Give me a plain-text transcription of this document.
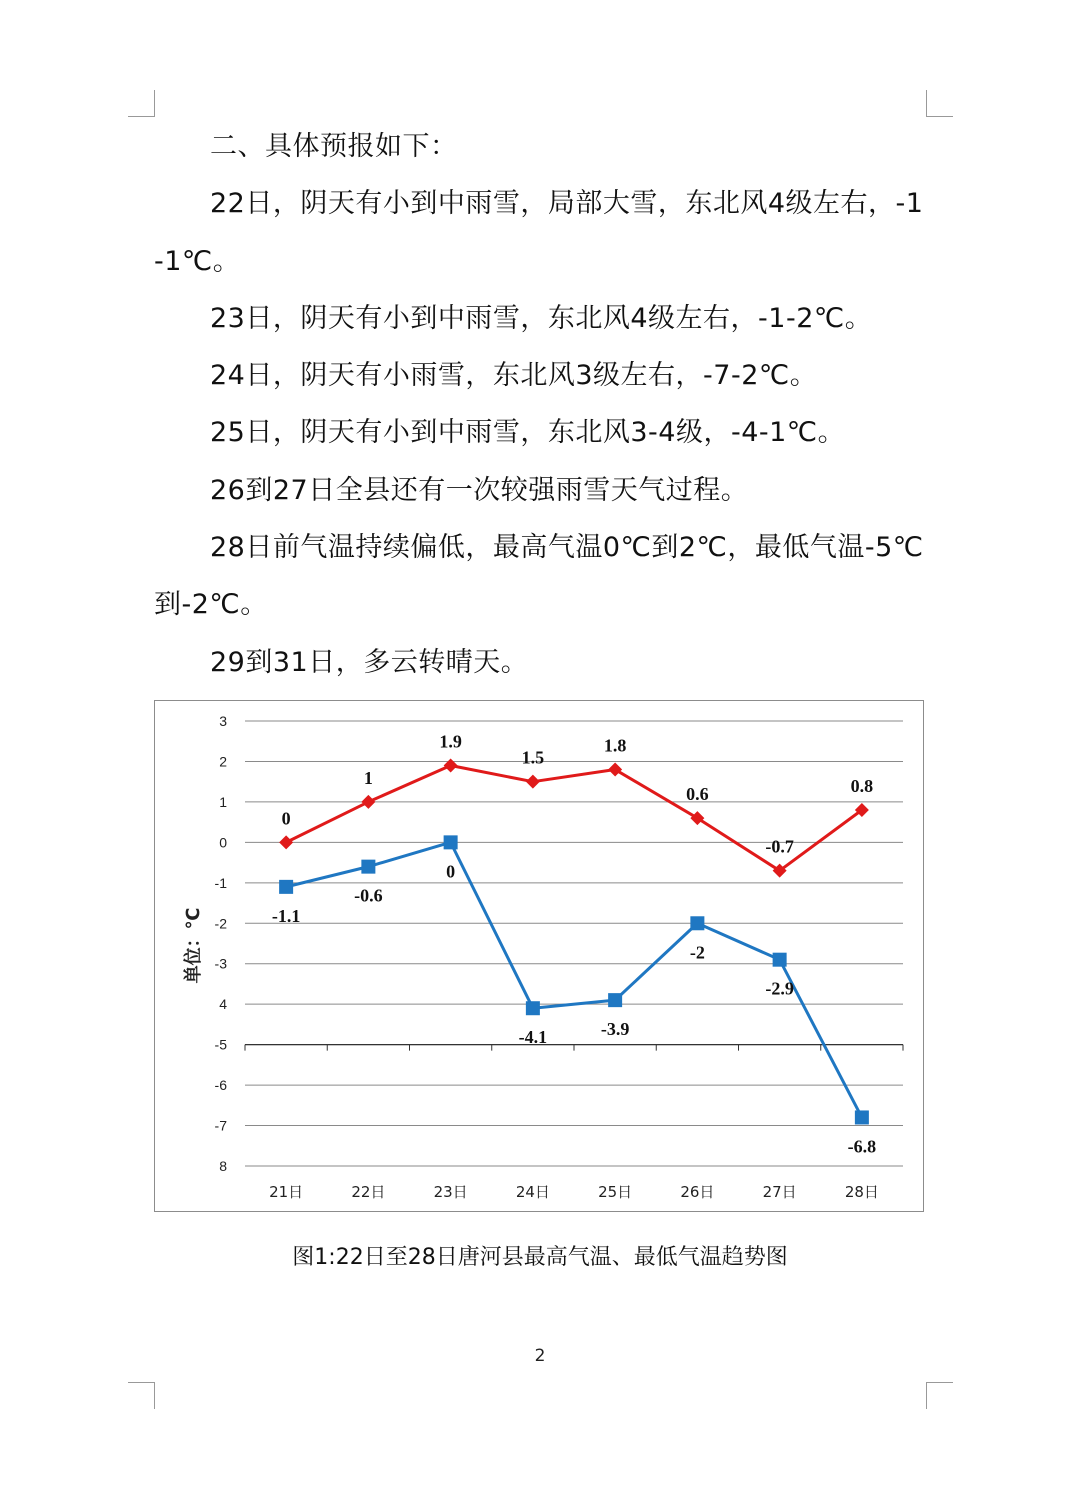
二、具体预报如下：

22日，阴天有小到中雨雪，局部大雪，东北风4级左右，-1-1℃。

23日，阴天有小到中雨雪，东北风4级左右，-1-2℃。

24日，阴天有小雨雪，东北风3级左右，-7-2℃。

25日，阴天有小到中雨雪，东北风3-4级，-4-1℃。

26到27日全县还有一次较强雨雪天气过程。

28日前气温持续偏低，最高气温0℃到2℃，最低气温-5℃到-2℃。

29到31日，多云转晴天。

3
2
1
0
-1
-2
-3
4
-5
-6
-7
8
21日	22日	23日	24日	25日	26日	27日	28日
单位：℃
0
1
1.9
1.5
1.8
0.6
-0.7
0.8
-1.1
-0.6
0
-4.1	-3.9
-2
-2.9
-6.8
图1:22日至28日唐河县最高气温、最低气温趋势图
2
